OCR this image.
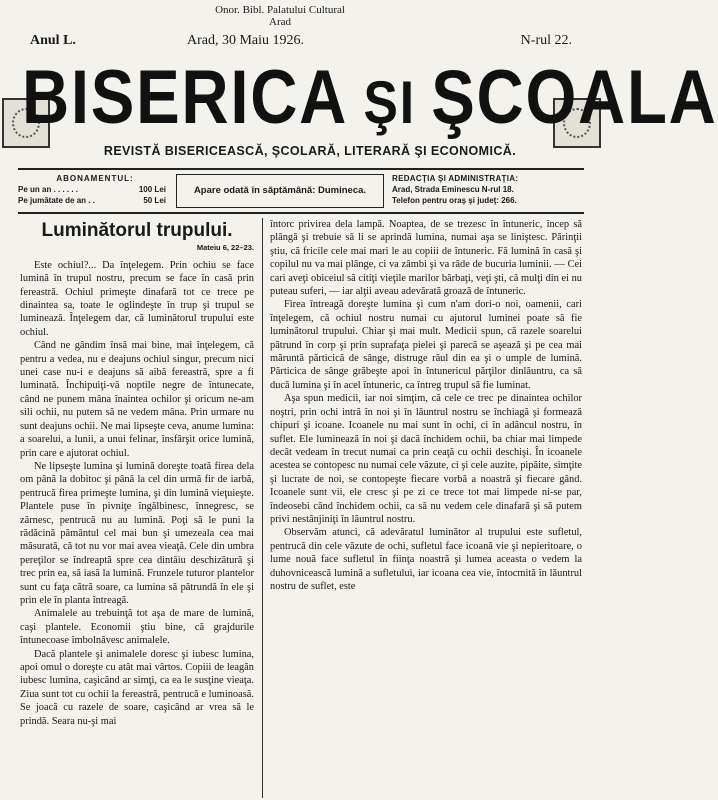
Onor. Bibl. Palatului Cultural
Arad
Anul L.	Arad, 30 Maiu 1926.	N-rul 22.
BISERICA ŞI ŞCOALA
REVISTĂ BISERICEASCĂ, ŞCOLARĂ, LITERARĂ ŞI ECONOMICĂ.
ABONAMENTUL:
Pe un an . . . . . .	100 Lei
Pe jumătate de an . .	50 Lei
Apare odată în săptămână: Dumineca.
REDACŢIA ŞI ADMINISTRAŢIA:
Arad, Strada Eminescu N-rul 18.
Telefon pentru oraş şi judeţ: 266.
Luminătorul trupului.
Mateiu 6, 22–23.

Este ochiul?... Da înţelegem. Prin ochiu se face lumină în trupul nostru, precum se face în casă prin fereastră. Ochiul primeşte dinafară tot ce trece pe dinaintea sa, toate le oglindeşte în trup şi trupul se luminează. Înţelegem dar, că luminătorul trupului este ochiul.

Când ne gândim însă mai bine, mai înţelegem, că pentru a vedea, nu e deajuns ochiul singur, precum nici unei case nu-i e deajuns să aibă fereastră, spre a fi luminată. Închipuiţi-vă noptile negre de întunecate, când ne punem mâna înaintea ochilor şi oricum ne-am sili ochii, nu putem să ne vedem mâna. Prin urmare nu sunt deajuns ochii. Ne mai lipseşte ceva, anume lumina: a soarelui, a lunii, a unui felinar, însfârşit orice lumină, prin care e ajutorat ochiul.

Ne lipseşte lumina şi lumină doreşte toată firea dela om până la dobitoc şi până la cel din urmă fir de iarbă, pentrucă firea primeşte lumina, şi din lumină vieţuieşte. Plantele puse în pivniţe îngălbinesc, înnegresc, se zărnesc, pentrucă nu au lumină. Poţi să le puni la rădăcină pământul cel mai bun şi umezeala cea mai măsurată, că tot nu vor mai avea vieaţă. Cele din umbra pereţilor se îndreaptă spre cea dintâiu deschizătură şi trec prin ea, să iasă la lumină. Frunzele tuturor plantelor sunt cu faţa cătră soare, ca lumina să pătrundă în ele şi prin ele în planta întreagă.

Animalele au trebuinţă tot aşa de mare de lumină, caşi plantele. Economii ştiu bine, că grajdurile întunecoase îmbolnăvesc animalele.

Dacă plantele şi animalele doresc şi iubesc lumina, apoi omul o doreşte cu atât mai vârtos. Copiii de leagăn iubesc lumina, caşicând ar simţi, ca ea le susţine vieaţa. Ziua sunt tot cu ochii la fereastră, pentrucă e luminoasă. Se joacă cu razele de soare, caşicând ar vrea să le prindă. Seara nu-şi mai

întorc privirea dela lampă. Noaptea, de se trezesc în întuneric, încep să plângă şi trebuie să li se aprindă lumina, numai aşa se liniştesc. Părinţii ştiu, că fricile cele mai mari le au copiii de întuneric. Fă lumină în casă şi copilul nu va mai plânge, ci va zâmbi şi va râde de bucuria luminii. — Cei cari aveţi obiceiul să citiţi vieţile marilor bărbaţi, veţi şti, că mulţi din ei nu puteau suferi, — iar alţii aveau adevărată groază de întuneric.

Firea întreagă doreşte lumina şi cum n'am dori-o noi, oamenii, cari înţelegem, că ochiul nostru numai cu ajutorul luminei poate să fie luminătorul trupului. Chiar şi mai mult. Medicii spun, că razele soarelui pătrund în corp şi prin suprafaţa pielei şi parecă se aşează şi pe cea mai măruntă părticică de sânge, distruge răul din ea şi o umple de lumină. Părticica de sânge grăbeşte apoi în întunericul părţilor dinlăuntru, ca să ducă lumina şi în acel întuneric, ca întreg trupul să fie luminat.

Aşa spun medicii, iar noi simţim, că cele ce trec pe dinaintea ochilor noştri, prin ochi intră în noi şi în lăuntrul nostru se închiagă şi formează chipuri şi icoane. Icoanele nu mai sunt în ochi, ci în adâncul nostru, în suflet. Ele luminează în noi şi dacă închidem ochii, ba chiar mai limpede decât vedeam în trecut numai ca prin ceaţă cu ochii deschişi. În icoanele acestea se contopesc nu numai cele văzute, ci şi cele auzite, pipăite, simţite şi lucrate de noi, se contopeşte fiecare vorbă a noastră şi fiecare gând. Icoanele sunt vii, ele cresc şi pe zi ce trece tot mai limpede ni-se par, îndeosebi când închidem ochii, ca să nu vedem cele dinafară şi să putem privi nestânjiniţi în lăuntrul nostru.

Observăm atunci, că adevăratul luminător al trupului este sufletul, pentrucă din cele văzute de ochi, sufletul face icoană vie şi nepieritoare, o lume nouă face sufletul în fiinţa noastră şi lumea aceasta o vedem la duhovnicească lumină a sufletului, iar icoana cea vie, întocmită în lăuntrul nostru de suflet, este
